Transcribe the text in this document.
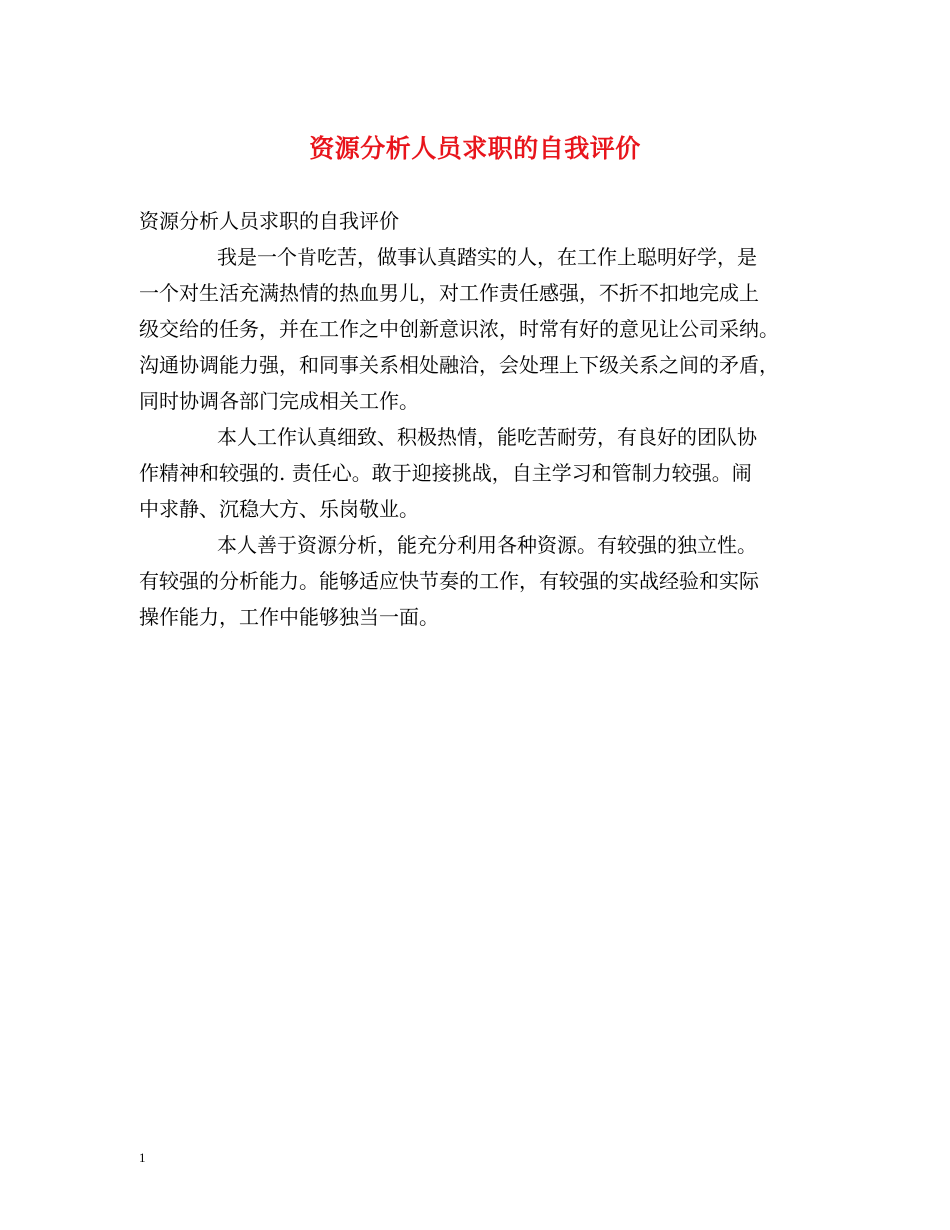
资源分析人员求职的自我评价

资源分析人员求职的自我评价

我是一个肯吃苦，做事认真踏实的人，在工作上聪明好学，是
一个对生活充满热情的热血男儿，对工作责任感强，不折不扣地完成上
级交给的任务，并在工作之中创新意识浓，时常有好的意见让公司采纳。
沟通协调能力强，和同事关系相处融洽，会处理上下级关系之间的矛盾，
同时协调各部门完成相关工作。
本人工作认真细致、积极热情，能吃苦耐劳，有良好的团队协
作精神和较强的. 责任心。敢于迎接挑战，自主学习和管制力较强。闹
中求静、沉稳大方、乐岗敬业。
本人善于资源分析，能充分利用各种资源。有较强的独立性。
有较强的分析能力。能够适应快节奏的工作，有较强的实战经验和实际
操作能力，工作中能够独当一面。

1
